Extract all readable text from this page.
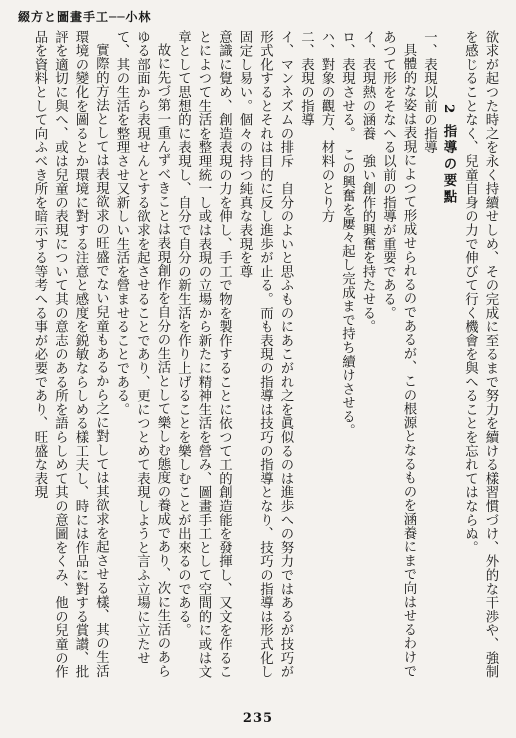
綴方と圖畫手工──小林

欲求が起つた時之を永く持續せしめ、その完成に至るまで努力を續ける樣習慣づけ、外的な干渉や、強制を感じることなく、兒童自身の力で伸びて行く機會を與へることを忘れてはならぬ。

2 指導の要點

一、表現以前の指導

具體的な姿は表現によつて形成せられるのであるが、この根源となるものを涵養にまで向はせるわけであつて形をそなへる以前の指導が重要である。

イ、表現熱の涵養　強い創作的興奮を持たせる。

ロ、表現させる。　この興奮を屢々起し完成まで持ち續けさせる。

ハ、對象の觀方、材料のとり方

二、表現の指導

イ、マンネズムの排斥　自分のよいと思ふものにあこがれ之を眞似るのは進歩への努力ではあるが技巧が形式化するとそれは目的に反し進歩が止る。而も表現の指導は技巧の指導となり、技巧の指導は形式化し固定し易い。個々の持つ純真な表現を尊

意識に覺め、創造表現の力を伸し、手工で物を製作することに依つて工的創造能を發揮し、又文を作ることによつて生活を整理統一し或は表現の立場から新たに精神生活を營み、圖畫手工として空間的に或は文章として思想的に表現し、自分で自分の新生活を作り上げることを樂しむことが出來るのである。

故に先づ第一重んずべきことは表現創作を自分の生活として樂しむ態度の養成であり、次に生活のあらゆる部面から表現せんとする欲求を起させることであり、更につとめて表現しようと言ふ立場に立たせて、其の生活を整理させ又新しい生活を營ませることである。

實際的方法としては表現欲求の旺盛でない兒童もあるから之に對しては其欲求を起させる樣、其の生活環境の變化を圖るとか環境に對する注意と感度を鋭敏ならしめる樣工夫し、時には作品に對する賞讃、批評を適切に與へ、或は兒童の表現について其の意志のある所を語らしめて其の意圖をくみ、他の兒童の作品を資料として向ふべき所を暗示する等考へる事が必要であり、旺盛な表現

235
